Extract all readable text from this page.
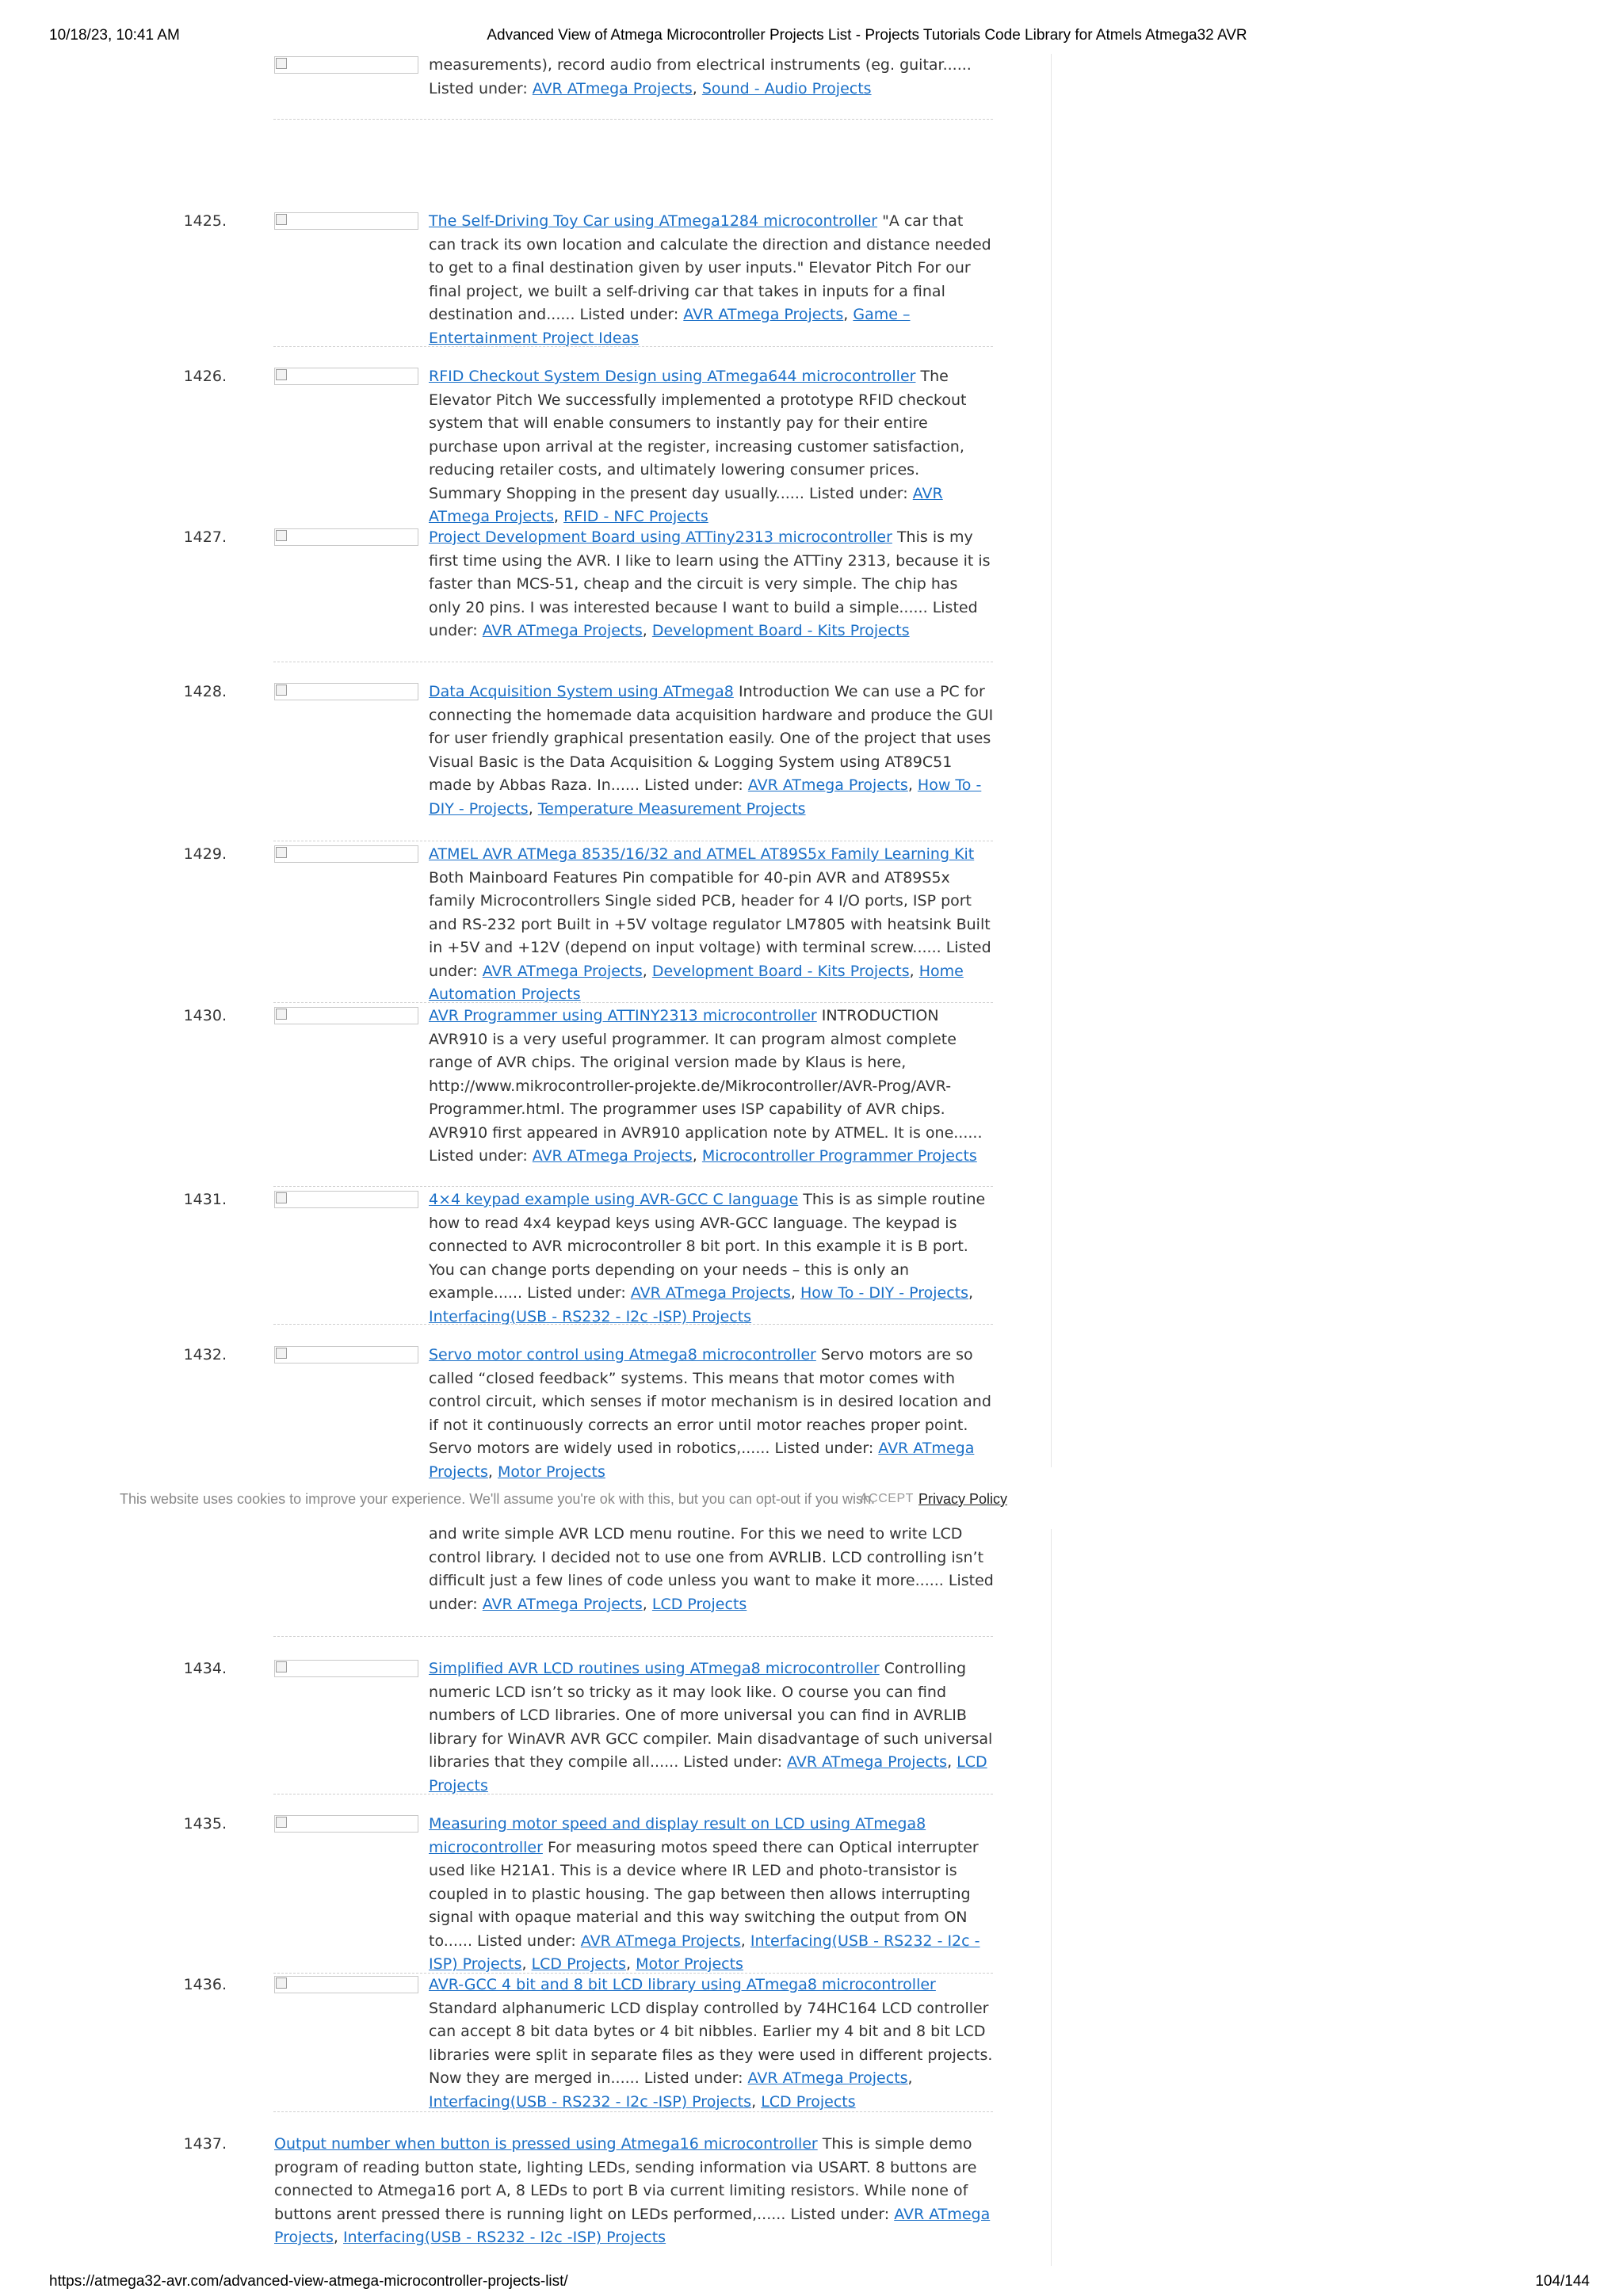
10/18/23, 10:41 AM	Advanced View of Atmega Microcontroller Projects List - Projects Tutorials Code Library for Atmels Atmega32 AVR
measurements), record audio from electrical instruments (eg. guitar...... Listed under: AVR ATmega Projects, Sound - Audio Projects
1425.	The Self-Driving Toy Car using ATmega1284 microcontroller "A car that can track its own location and calculate the direction and distance needed to get to a final destination given by user inputs." Elevator Pitch For our final project, we built a self-driving car that takes in inputs for a final destination and...... Listed under: AVR ATmega Projects, Game – Entertainment Project Ideas
1426.	RFID Checkout System Design using ATmega644 microcontroller The Elevator Pitch We successfully implemented a prototype RFID checkout system that will enable consumers to instantly pay for their entire purchase upon arrival at the register, increasing customer satisfaction, reducing retailer costs, and ultimately lowering consumer prices. Summary Shopping in the present day usually...... Listed under: AVR ATmega Projects, RFID - NFC Projects
1427.	Project Development Board using ATTiny2313 microcontroller This is my first time using the AVR. I like to learn using the ATTiny 2313, because it is faster than MCS-51, cheap and the circuit is very simple. The chip has only 20 pins. I was interested because I want to build a simple...... Listed under: AVR ATmega Projects, Development Board - Kits Projects
1428.	Data Acquisition System using ATmega8 Introduction We can use a PC for connecting the homemade data acquisition hardware and produce the GUI for user friendly graphical presentation easily. One of the project that uses Visual Basic is the Data Acquisition & Logging System using AT89C51 made by Abbas Raza. In...... Listed under: AVR ATmega Projects, How To - DIY - Projects, Temperature Measurement Projects
1429.	ATMEL AVR ATMega 8535/16/32 and ATMEL AT89S5x Family Learning Kit Both Mainboard Features Pin compatible for 40-pin AVR and AT89S5x family Microcontrollers Single sided PCB, header for 4 I/O ports, ISP port and RS-232 port Built in +5V voltage regulator LM7805 with heatsink Built in +5V and +12V (depend on input voltage) with terminal screw...... Listed under: AVR ATmega Projects, Development Board - Kits Projects, Home Automation Projects
1430.	AVR Programmer using ATTINY2313 microcontroller INTRODUCTION AVR910 is a very useful programmer. It can program almost complete range of AVR chips. The original version made by Klaus is here, http://www.mikrocontroller-projekte.de/Mikrocontroller/AVR-Prog/AVR-Programmer.html. The programmer uses ISP capability of AVR chips. AVR910 first appeared in AVR910 application note by ATMEL. It is one...... Listed under: AVR ATmega Projects, Microcontroller Programmer Projects
1431.	4×4 keypad example using AVR-GCC C language This is as simple routine how to read 4x4 keypad keys using AVR-GCC language. The keypad is connected to AVR microcontroller 8 bit port. In this example it is B port. You can change ports depending on your needs – this is only an example...... Listed under: AVR ATmega Projects, How To - DIY - Projects, Interfacing(USB - RS232 - I2c -ISP) Projects
1432.	Servo motor control using Atmega8 microcontroller Servo motors are so called “closed feedback” systems. This means that motor comes with control circuit, which senses if motor mechanism is in desired location and if not it continuously corrects an error until motor reaches proper point. Servo motors are widely used in robotics,...... Listed under: AVR ATmega Projects, Motor Projects
This website uses cookies to improve your experience. We'll assume you're ok with this, but you can opt-out if you wish.
ACCEPT Privacy Policy
and write simple AVR LCD menu routine. For this we need to write LCD control library. I decided not to use one from AVRLIB. LCD controlling isn’t difficult just a few lines of code unless you want to make it more...... Listed under: AVR ATmega Projects, LCD Projects
1434.	Simplified AVR LCD routines using ATmega8 microcontroller Controlling numeric LCD isn’t so tricky as it may look like. O course you can find numbers of LCD libraries. One of more universal you can find in AVRLIB library for WinAVR AVR GCC compiler. Main disadvantage of such universal libraries that they compile all...... Listed under: AVR ATmega Projects, LCD Projects
1435.	Measuring motor speed and display result on LCD using ATmega8 microcontroller For measuring motos speed there can Optical interrupter used like H21A1. This is a device where IR LED and photo-transistor is coupled in to plastic housing. The gap between then allows interrupting signal with opaque material and this way switching the output from ON to...... Listed under: AVR ATmega Projects, Interfacing(USB - RS232 - I2c -ISP) Projects, LCD Projects, Motor Projects
1436.	AVR-GCC 4 bit and 8 bit LCD library using ATmega8 microcontroller Standard alphanumeric LCD display controlled by 74HC164 LCD controller can accept 8 bit data bytes or 4 bit nibbles. Earlier my 4 bit and 8 bit LCD libraries were split in separate files as they were used in different projects. Now they are merged in...... Listed under: AVR ATmega Projects, Interfacing(USB - RS232 - I2c -ISP) Projects, LCD Projects
1437.	Output number when button is pressed using Atmega16 microcontroller This is simple demo program of reading button state, lighting LEDs, sending information via USART. 8 buttons are connected to Atmega16 port A, 8 LEDs to port B via current limiting resistors. While none of buttons arent pressed there is running light on LEDs performed,...... Listed under: AVR ATmega Projects, Interfacing(USB - RS232 - I2c -ISP) Projects
https://atmega32-avr.com/advanced-view-atmega-microcontroller-projects-list/	104/144
